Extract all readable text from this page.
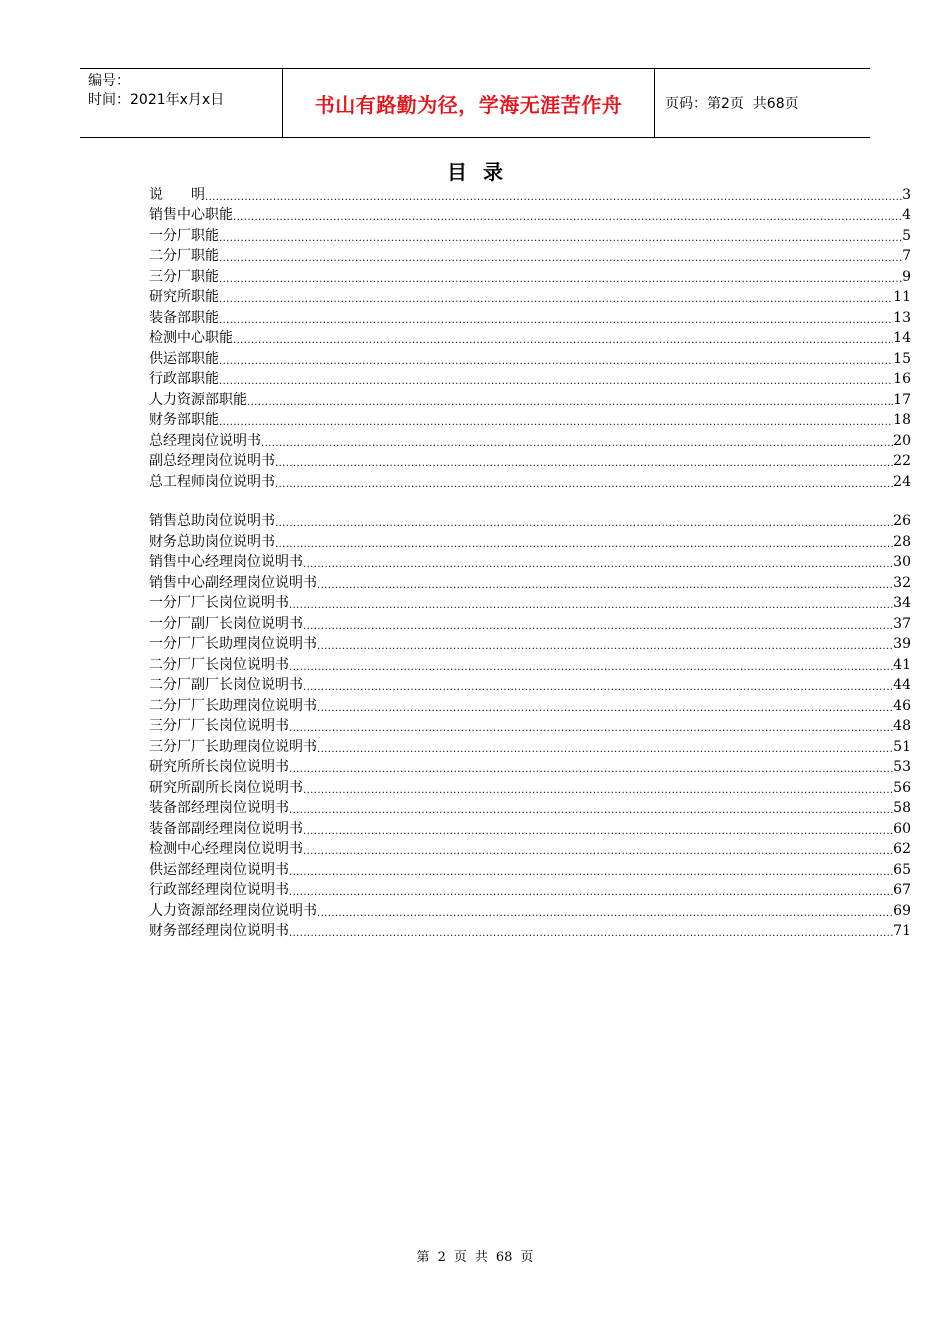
编号：
时间：2021年x月x日	书山有路勤为径，学海无涯苦作舟	页码：第2页  共68页
目录
说　　明 .....	3
销售中心职能 .....	4
一分厂职能 .....	5
二分厂职能 .....	7
三分厂职能 .....	9
研究所职能 .....	11
装备部职能 .....	13
检测中心职能 .....	14
供运部职能 .....	15
行政部职能 .....	16
人力资源部职能 .....	17
财务部职能 .....	18
总经理岗位说明书 .....	20
副总经理岗位说明书 .....	22
总工程师岗位说明书 .....	24
销售总助岗位说明书 .....	26
财务总助岗位说明书 .....	28
销售中心经理岗位说明书 .....	30
销售中心副经理岗位说明书 .....	32
一分厂厂长岗位说明书 .....	34
一分厂副厂长岗位说明书 .....	37
一分厂厂长助理岗位说明书 .....	39
二分厂厂长岗位说明书 .....	41
二分厂副厂长岗位说明书 .....	44
二分厂厂长助理岗位说明书 .....	46
三分厂厂长岗位说明书 .....	48
三分厂厂长助理岗位说明书 .....	51
研究所所长岗位说明书 .....	53
研究所副所长岗位说明书 .....	56
装备部经理岗位说明书 .....	58
装备部副经理岗位说明书 .....	60
检测中心经理岗位说明书 .....	62
供运部经理岗位说明书 .....	65
行政部经理岗位说明书 .....	67
人力资源部经理岗位说明书 .....	69
财务部经理岗位说明书 .....	71
第 2 页 共 68 页
